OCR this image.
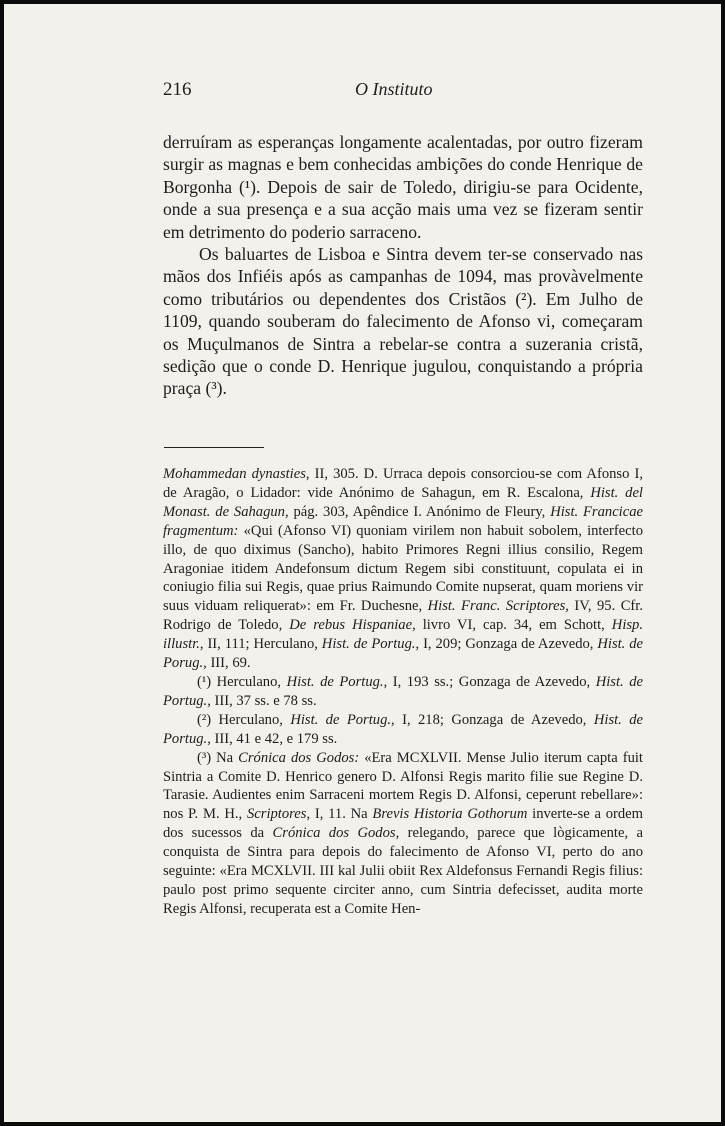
216	O Instituto

derruíram as esperanças longamente acalentadas, por outro fizeram surgir as magnas e bem conhecidas ambições do conde Henrique de Borgonha (¹). Depois de sair de Toledo, dirigiu-se para Ocidente, onde a sua presença e a sua acção mais uma vez se fizeram sentir em detrimento do poderio sarraceno.

Os baluartes de Lisboa e Sintra devem ter-se conservado nas mãos dos Infiéis após as campanhas de 1094, mas provàvelmente como tributários ou dependentes dos Cristãos (²). Em Julho de 1109, quando souberam do falecimento de Afonso vi, começaram os Muçulmanos de Sintra a rebelar-se contra a suzerania cristã, sedição que o conde D. Henrique jugulou, conquistando a própria praça (³).

Mohammedan dynasties, II, 305. D. Urraca depois consorciou-se com Afonso I, de Aragão, o Lidador: vide Anónimo de Sahagun, em R. Escalona, Hist. del Monast. de Sahagun, pág. 303, Apêndice I. Anónimo de Fleury, Hist. Francicae fragmentum: «Qui (Afonso VI) quoniam virilem non habuit sobolem, interfecto illo, de quo diximus (Sancho), habito Primores Regni illius consilio, Regem Aragoniae itidem Andefonsum dictum Regem sibi constituunt, copulata ei in coniugio filia sui Regis, quae prius Raimundo Comite nupserat, quam moriens vir suus viduam reliquerat»: em Fr. Duchesne, Hist. Franc. Scriptores, IV, 95. Cfr. Rodrigo de Toledo, De rebus Hispaniae, livro VI, cap. 34, em Schott, Hisp. illustr., II, 111; Herculano, Hist. de Portug., I, 209; Gonzaga de Azevedo, Hist. de Porug., III, 69.

(¹) Herculano, Hist. de Portug., I, 193 ss.; Gonzaga de Azevedo, Hist. de Portug., III, 37 ss. e 78 ss.

(²) Herculano, Hist. de Portug., I, 218; Gonzaga de Azevedo, Hist. de Portug., III, 41 e 42, e 179 ss.

(³) Na Crónica dos Godos: «Era MCXLVII. Mense Julio iterum capta fuit Sintria a Comite D. Henrico genero D. Alfonsi Regis marito filie sue Regine D. Tarasie. Audientes enim Sarraceni mortem Regis D. Alfonsi, ceperunt rebellare»: nos P. M. H., Scriptores, I, 11. Na Brevis Historia Gothorum inverte-se a ordem dos sucessos da Crónica dos Godos, relegando, parece que lògicamente, a conquista de Sintra para depois do falecimento de Afonso VI, perto do ano seguinte: «Era MCXLVII. III kal Julii obiit Rex Aldefonsus Fernandi Regis filius: paulo post primo sequente circiter anno, cum Sintria defecisset, audita morte Regis Alfonsi, recuperata est a Comite Hen-
